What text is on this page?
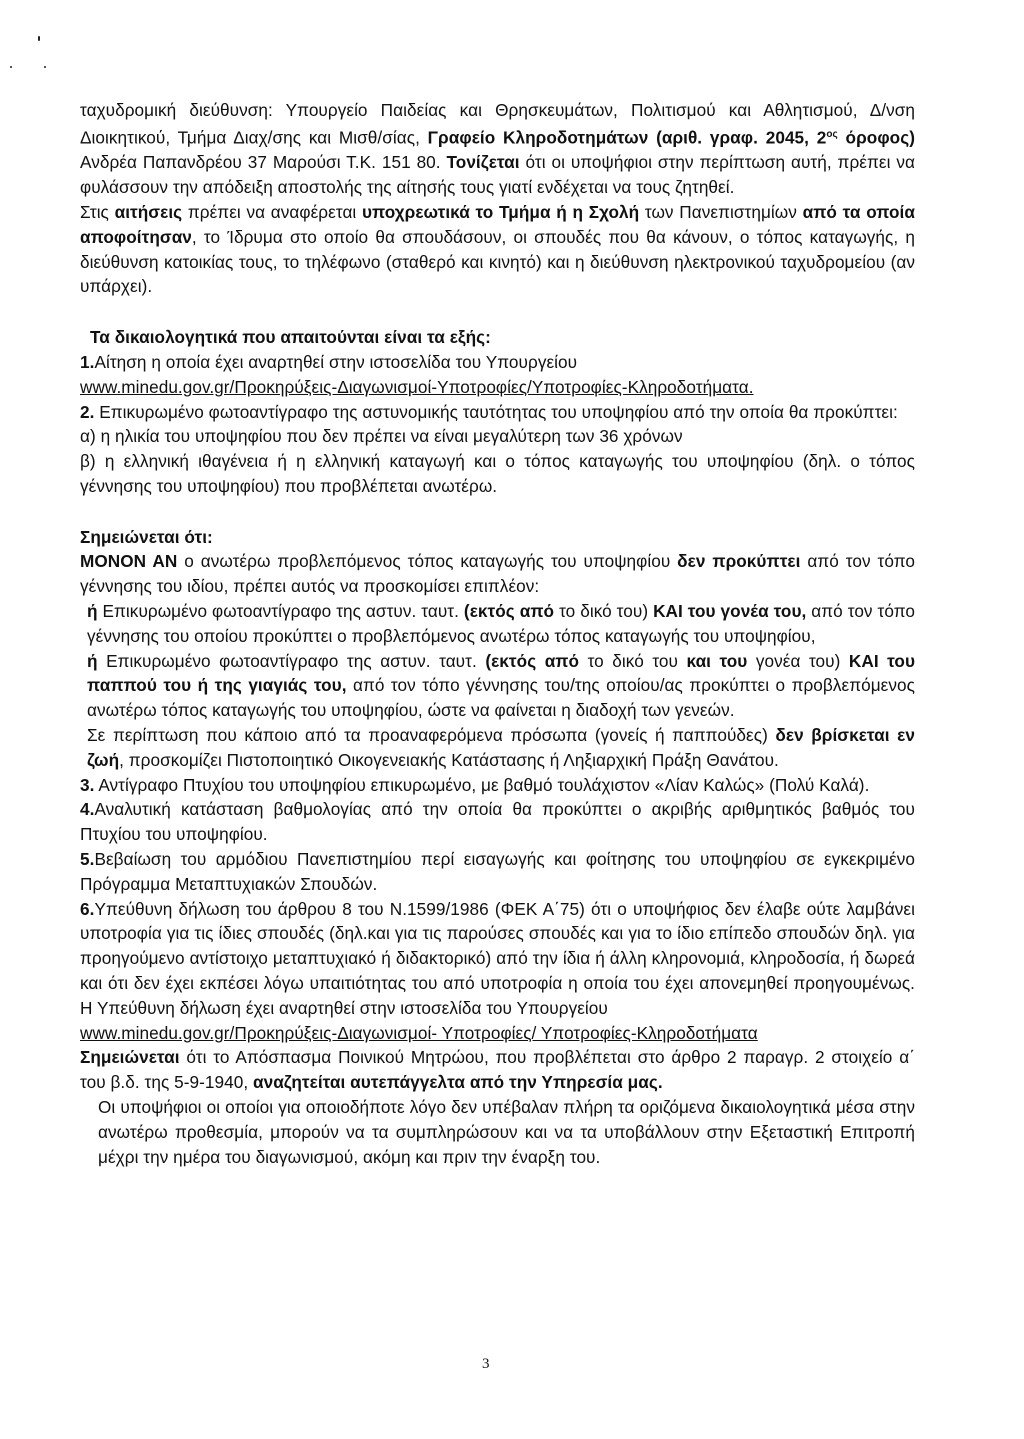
ταχυδρομική διεύθυνση: Υπουργείο Παιδείας και Θρησκευμάτων, Πολιτισμού και Αθλητισμού, Δ/νση Διοικητικού, Τμήμα Διαχ/σης και Μισθ/σίας, Γραφείο Κληροδοτημάτων (αριθ. γραφ. 2045, $2^{o\varsigma}$ όροφος) Ανδρέα Παπανδρέου 37 Μαρούσι Τ.Κ. 151 80. Τονίζεται ότι οι υποψήφιοι στην περίπτωση αυτή, πρέπει να φυλάσσουν την απόδειξη αποστολής της αίτησής τους γιατί ενδέχεται να τους ζητηθεί.

Στις αιτήσεις πρέπει να αναφέρεται υποχρεωτικά το Τμήμα ή η Σχολή των Πανεπιστημίων από τα οποία αποφοίτησαν, το Ίδρυμα στο οποίο θα σπουδάσουν, οι σπουδές που θα κάνουν, ο τόπος καταγωγής, η διεύθυνση κατοικίας τους, το τηλέφωνο (σταθερό και κινητό) και η διεύθυνση ηλεκτρονικού ταχυδρομείου (αν υπάρχει).

Τα δικαιολογητικά που απαιτούνται είναι τα εξής:

1.Αίτηση η οποία έχει αναρτηθεί στην ιστοσελίδα του Υπουργείου

www.minedu.gov.gr/Προκηρύξεις-Διαγωνισμοί-Υποτροφίες/Υποτροφίες-Κληροδοτήματα.

2. Επικυρωμένο φωτοαντίγραφο της αστυνομικής ταυτότητας του υποψηφίου από την οποία θα προκύπτει:

α) η ηλικία του υποψηφίου που δεν πρέπει να είναι μεγαλύτερη των 36 χρόνων

β) η ελληνική ιθαγένεια ή η ελληνική καταγωγή και ο τόπος καταγωγής του υποψηφίου (δηλ. ο τόπος γέννησης του υποψηφίου) που προβλέπεται ανωτέρω.

Σημειώνεται ότι:

ΜΟΝΟΝ ΑΝ ο ανωτέρω προβλεπόμενος τόπος καταγωγής του υποψηφίου δεν προκύπτει από τον τόπο γέννησης του ιδίου, πρέπει αυτός να προσκομίσει επιπλέον:

ή Επικυρωμένο φωτοαντίγραφο της αστυν. ταυτ. (εκτός από το δικό του) ΚΑΙ του γονέα του, από τον τόπο γέννησης του οποίου προκύπτει ο προβλεπόμενος ανωτέρω τόπος καταγωγής του υποψηφίου,

ή Επικυρωμένο φωτοαντίγραφο της αστυν. ταυτ. (εκτός από το δικό του και του γονέα του) ΚΑΙ του παππού του ή της γιαγιάς του, από τον τόπο γέννησης του/της οποίου/ας προκύπτει ο προβλεπόμενος ανωτέρω τόπος καταγωγής του υποψηφίου, ώστε να φαίνεται η διαδοχή των γενεών.

Σε περίπτωση που κάποιο από τα προαναφερόμενα πρόσωπα (γονείς ή παππούδες) δεν βρίσκεται εν ζωή, προσκομίζει Πιστοποιητικό Οικογενειακής Κατάστασης ή Ληξιαρχική Πράξη Θανάτου.

3. Αντίγραφο Πτυχίου του υποψηφίου επικυρωμένο, με βαθμό τουλάχιστον «Λίαν Καλώς» (Πολύ Καλά).

4.Αναλυτική κατάσταση βαθμολογίας από την οποία θα προκύπτει ο ακριβής αριθμητικός βαθμός του Πτυχίου του υποψηφίου.

5.Βεβαίωση του αρμόδιου Πανεπιστημίου περί εισαγωγής και φοίτησης του υποψηφίου σε εγκεκριμένο Πρόγραμμα Μεταπτυχιακών Σπουδών.

6.Υπεύθυνη δήλωση του άρθρου 8 του Ν.1599/1986 (ΦΕΚ Α΄75) ότι ο υποψήφιος δεν έλαβε ούτε λαμβάνει υποτροφία για τις ίδιες σπουδές (δηλ.και για τις παρούσες σπουδές και για το ίδιο επίπεδο σπουδών δηλ. για προηγούμενο αντίστοιχο μεταπτυχιακό ή διδακτορικό) από την ίδια ή άλλη κληρονομιά, κληροδοσία, ή δωρεά και ότι δεν έχει εκπέσει λόγω υπαιτιότητας του από υποτροφία η οποία του έχει απονεμηθεί προηγουμένως. Η Υπεύθυνη δήλωση έχει αναρτηθεί στην ιστοσελίδα του Υπουργείου

www.minedu.gov.gr/Προκηρύξεις-Διαγωνισμοί- Υποτροφίες/ Υποτροφίες-Κληροδοτήματα

Σημειώνεται ότι το Απόσπασμα Ποινικού Μητρώου, που προβλέπεται στο άρθρο 2 παραγρ. 2 στοιχείο α΄ του β.δ. της 5-9-1940, αναζητείται αυτεπάγγελτα από την Υπηρεσία μας.

Οι υποψήφιοι οι οποίοι για οποιοδήποτε λόγο δεν υπέβαλαν πλήρη τα οριζόμενα δικαιολογητικά μέσα στην ανωτέρω προθεσμία, μπορούν να τα συμπληρώσουν και να τα υποβάλλουν στην Εξεταστική Επιτροπή μέχρι την ημέρα του διαγωνισμού, ακόμη και πριν την έναρξη του.

3
